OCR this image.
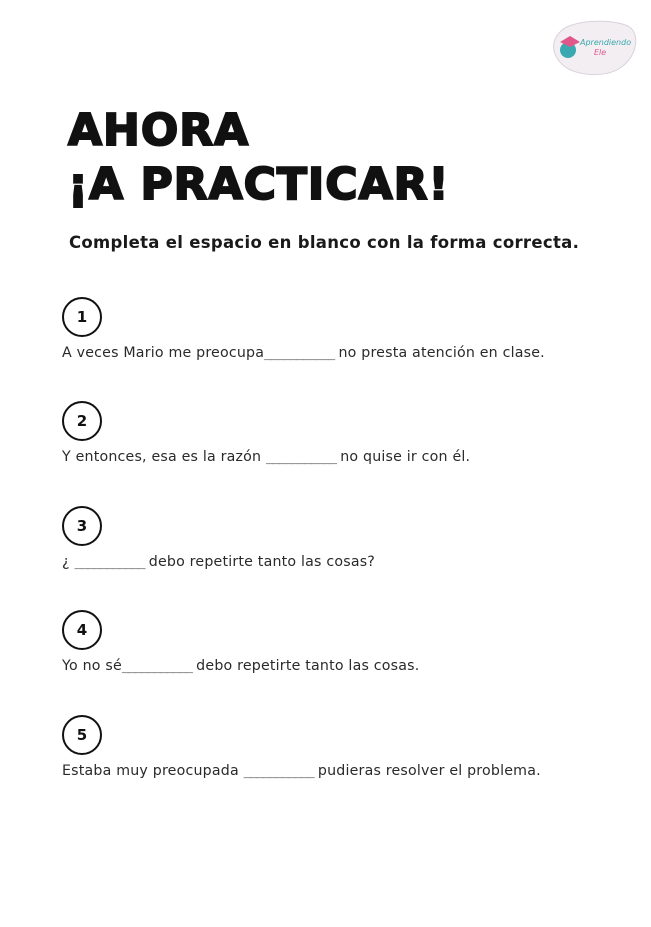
Aprendiendo
Ele
AHORA
¡A PRACTICAR!

Completa el espacio en blanco con la forma correcta.

1
A veces Mario me preocupa___________ no presta atención en clase.
2
Y entonces, esa es la razón ___________ no quise ir con él.
3
¿ ___________ debo repetirte tanto las cosas?
4
Yo no sé___________ debo repetirte tanto las cosas.
5
Estaba muy preocupada ___________ pudieras resolver el problema.
